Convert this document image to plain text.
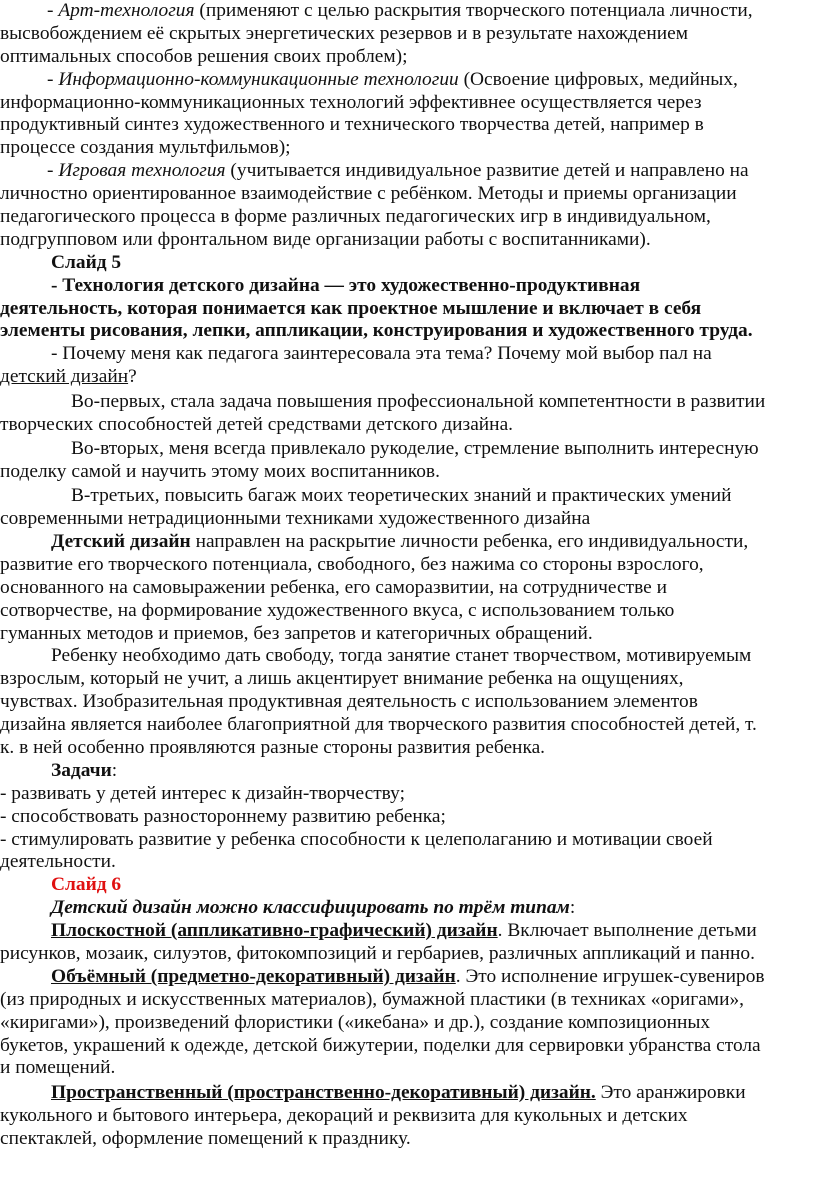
- Арт-технология (применяют с целью раскрытия творческого потенциала личности,
высвобождением её скрытых энергетических резервов и в результате нахождением
оптимальных способов решения своих проблем);
- Информационно-коммуникационные технологии (Освоение цифровых, медийных,
информационно-коммуникационных технологий эффективнее осуществляется через
продуктивный синтез художественного и технического творчества детей, например в
процессе создания мультфильмов);
- Игровая технология (учитывается индивидуальное развитие детей и направлено на
личностно ориентированное взаимодействие с ребёнком. Методы и приемы организации
педагогического процесса в форме различных педагогических игр в индивидуальном,
подгрупповом или фронтальном виде организации работы с воспитанниками).
Слайд 5
- Технология детского дизайна — это художественно-продуктивная
деятельность, которая понимается как проектное мышление и включает в себя
элементы рисования, лепки, аппликации, конструирования и художественного труда.
- Почему меня как педагога заинтересовала эта тема? Почему мой выбор пал на
детский дизайн?
Во-первых, стала задача повышения профессиональной компетентности в развитии
творческих способностей детей средствами детского дизайна.
Во-вторых, меня всегда привлекало рукоделие, стремление выполнить интересную
поделку самой и научить этому моих воспитанников.
В-третьих, повысить багаж моих теоретических знаний и практических умений
современными нетрадиционными техниками художественного дизайна
Детский дизайн направлен на раскрытие личности ребенка, его индивидуальности,
развитие его творческого потенциала, свободного, без нажима со стороны взрослого,
основанного на самовыражении ребенка, его саморазвитии, на сотрудничестве и
сотворчестве, на формирование художественного вкуса, с использованием только
гуманных методов и приемов, без запретов и категоричных обращений.
Ребенку необходимо дать свободу, тогда занятие станет творчеством, мотивируемым
взрослым, который не учит, а лишь акцентирует внимание ребенка на ощущениях,
чувствах. Изобразительная продуктивная деятельность с использованием элементов
дизайна является наиболее благоприятной для творческого развития способностей детей, т.
к. в ней особенно проявляются разные стороны развития ребенка.
Задачи:
- развивать у детей интерес к дизайн-творчеству;
- способствовать разностороннему развитию ребенка;
- стимулировать развитие у ребенка способности к целеполаганию и мотивации своей
деятельности.
Слайд 6
Детский дизайн можно классифицировать по трём типам:
Плоскостной (аппликативно-графический) дизайн. Включает выполнение детьми
рисунков, мозаик, силуэтов, фитокомпозиций и гербариев, различных аппликаций и панно.
Объёмный (предметно-декоративный) дизайн. Это исполнение игрушек-сувениров
(из природных и искусственных материалов), бумажной пластики (в техниках «оригами»,
«киригами»), произведений флористики («икебана» и др.), создание композиционных
букетов, украшений к одежде, детской бижутерии, поделки для сервировки убранства стола
и помещений.
Пространственный (пространственно-декоративный) дизайн. Это аранжировки
кукольного и бытового интерьера, декораций и реквизита для кукольных и детских
спектаклей, оформление помещений к празднику.
